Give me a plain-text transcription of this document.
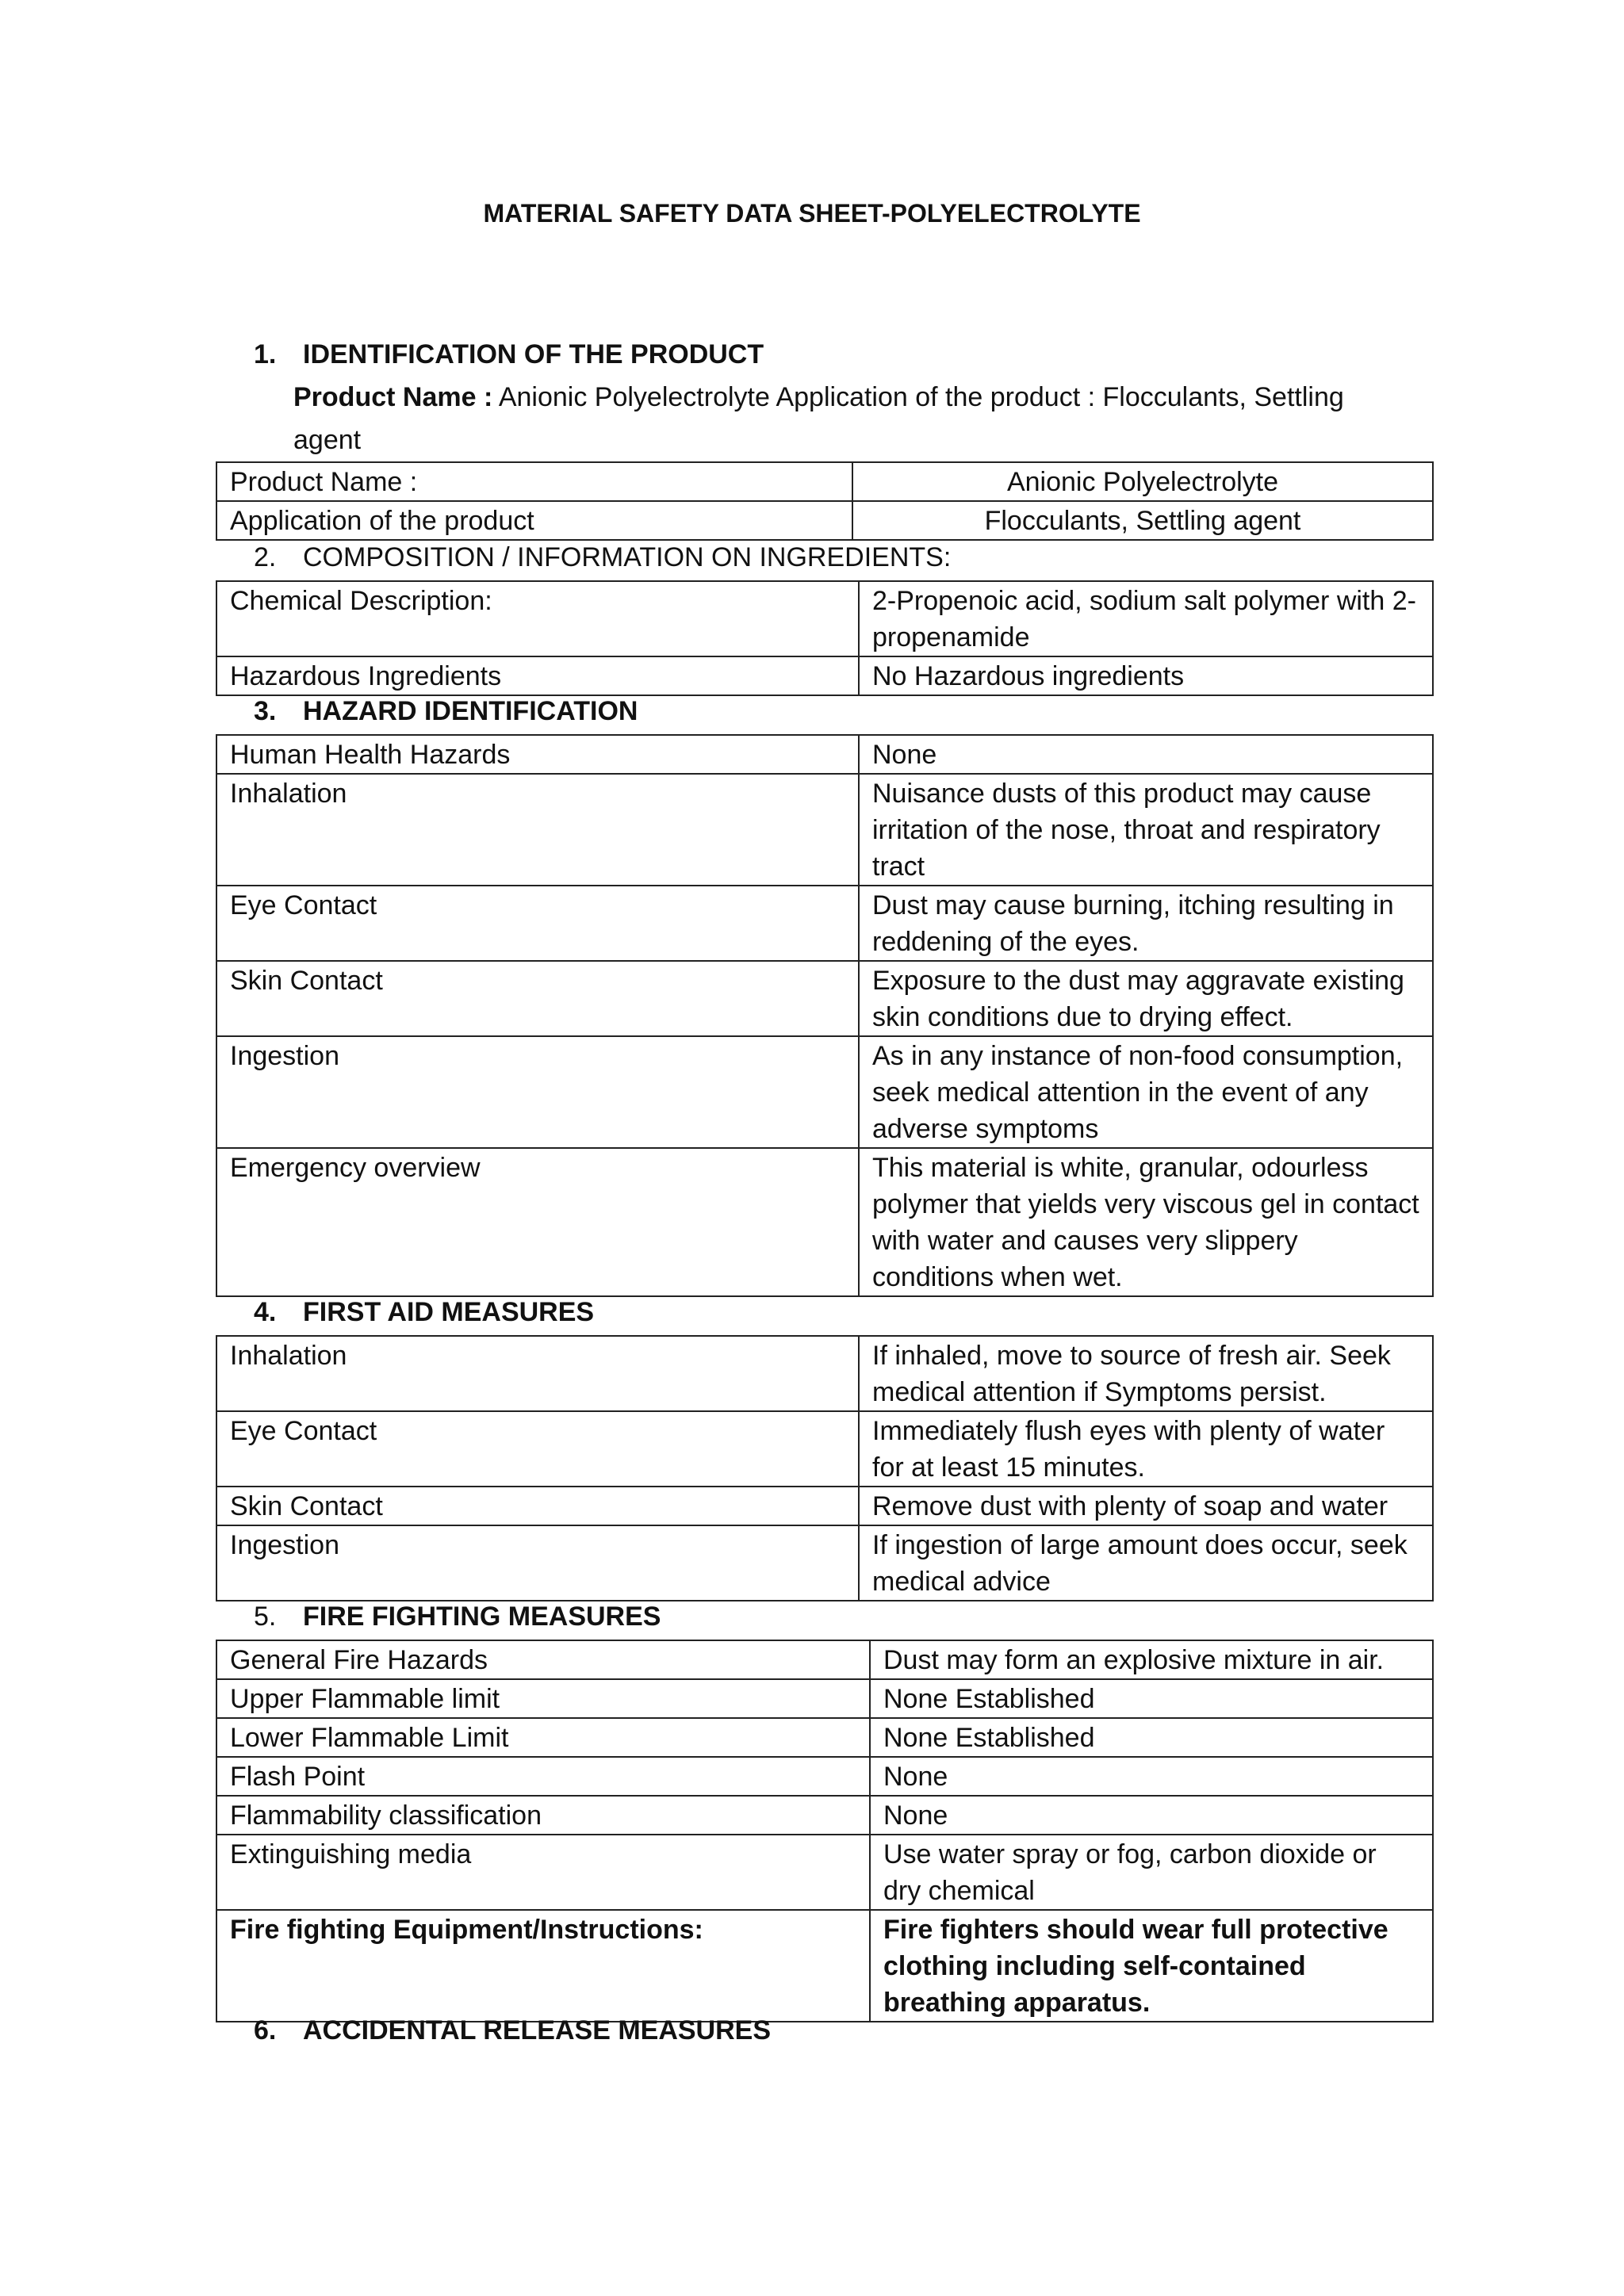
MATERIAL SAFETY DATA SHEET-POLYELECTROLYTE
1. IDENTIFICATION OF THE PRODUCT
Product Name : Anionic Polyelectrolyte Application of the product : Flocculants, Settling agent
Product Name :	Anionic Polyelectrolyte
Application of the product	Flocculants, Settling agent
2. COMPOSITION / INFORMATION ON INGREDIENTS:
Chemical Description:	2-Propenoic acid, sodium salt polymer with 2-propenamide
Hazardous Ingredients	No Hazardous ingredients
3. HAZARD IDENTIFICATION
Human Health Hazards	None
Inhalation	Nuisance dusts of this product may cause irritation of the nose, throat and respiratory tract
Eye Contact	Dust may cause burning, itching resulting in reddening of the eyes.
Skin Contact	Exposure to the dust may aggravate existing skin conditions due to drying effect.
Ingestion	As in any instance of non-food consumption, seek medical attention in the event of any adverse symptoms
Emergency overview	This material is white, granular, odourless polymer that yields very viscous gel in contact with water and causes very slippery conditions when wet.
4. FIRST AID MEASURES
Inhalation	If inhaled, move to source of fresh air. Seek medical attention if Symptoms persist.
Eye Contact	Immediately flush eyes with plenty of water for at least 15 minutes.
Skin Contact	Remove dust with plenty of soap and water
Ingestion	If ingestion of large amount does occur, seek medical advice
5. FIRE FIGHTING MEASURES
General Fire Hazards	Dust may form an explosive mixture in air.
Upper Flammable limit	None Established
Lower Flammable Limit	None Established
Flash Point	None
Flammability classification	None
Extinguishing media	Use water spray or fog, carbon dioxide or dry chemical
Fire fighting Equipment/Instructions:	Fire fighters should wear full protective clothing including self-contained breathing apparatus.
6. ACCIDENTAL RELEASE MEASURES
